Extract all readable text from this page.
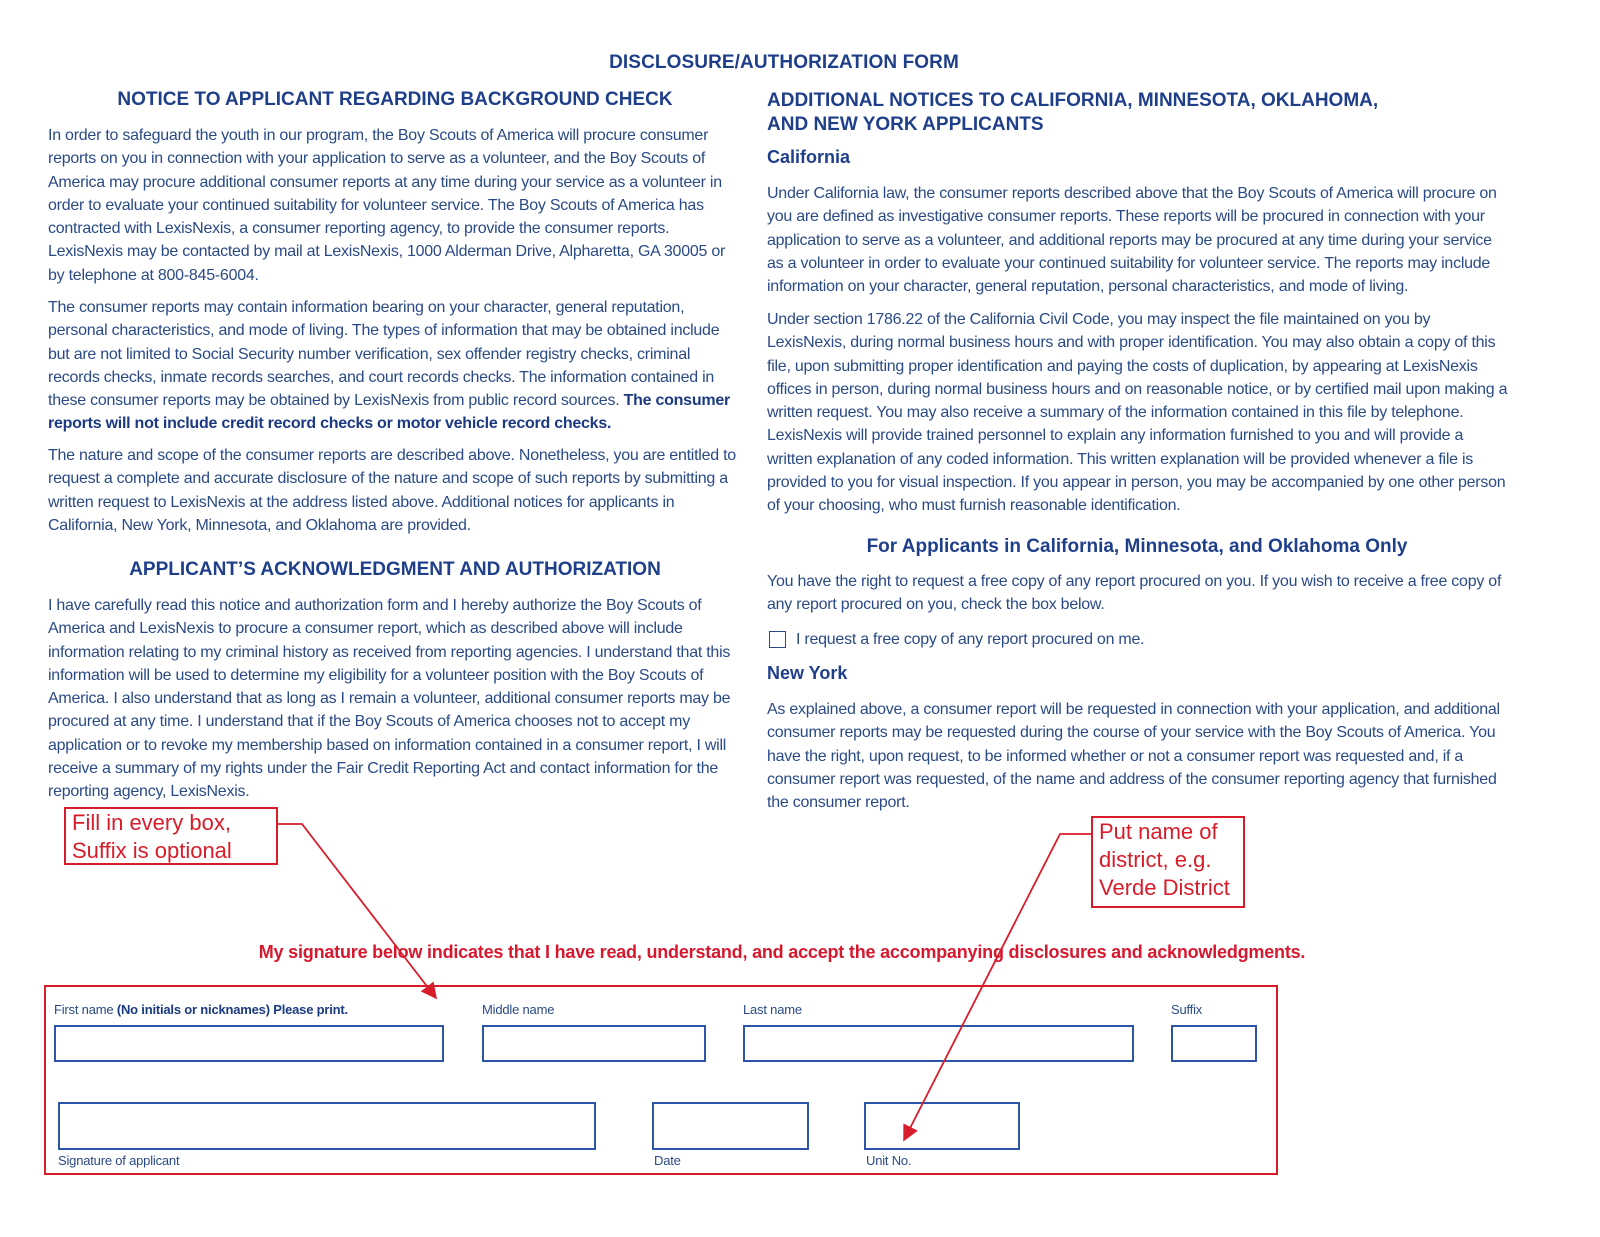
DISCLOSURE/AUTHORIZATION FORM
NOTICE TO APPLICANT REGARDING BACKGROUND CHECK

In order to safeguard the youth in our program, the Boy Scouts of America will procure consumer reports on you in connection with your application to serve as a volunteer, and the Boy Scouts of America may procure additional consumer reports at any time during your service as a volunteer in order to evaluate your continued suitability for volunteer service. The Boy Scouts of America has contracted with LexisNexis, a consumer reporting agency, to provide the consumer reports. LexisNexis may be contacted by mail at LexisNexis, 1000 Alderman Drive, Alpharetta, GA 30005 or by telephone at 800-845-6004.

The consumer reports may contain information bearing on your character, general reputation, personal characteristics, and mode of living. The types of information that may be obtained include but are not limited to Social Security number verification, sex offender registry checks, criminal records checks, inmate records searches, and court records checks. The information contained in these consumer reports may be obtained by LexisNexis from public record sources. The consumer reports will not include credit record checks or motor vehicle record checks.

The nature and scope of the consumer reports are described above. Nonetheless, you are entitled to request a complete and accurate disclosure of the nature and scope of such reports by submitting a written request to LexisNexis at the address listed above. Additional notices for applicants in California, New York, Minnesota, and Oklahoma are provided.

APPLICANT’S ACKNOWLEDGMENT AND AUTHORIZATION

I have carefully read this notice and authorization form and I hereby authorize the Boy Scouts of America and LexisNexis to procure a consumer report, which as described above will include information relating to my criminal history as received from reporting agencies. I understand that this information will be used to determine my eligibility for a volunteer position with the Boy Scouts of America. I also understand that as long as I remain a volunteer, additional consumer reports may be procured at any time. I understand that if the Boy Scouts of America chooses not to accept my application or to revoke my membership based on information contained in a consumer report, I will receive a summary of my rights under the Fair Credit Reporting Act and contact information for the reporting agency, LexisNexis.

ADDITIONAL NOTICES TO CALIFORNIA, MINNESOTA, OKLAHOMA,
AND NEW YORK APPLICANTS
California

Under California law, the consumer reports described above that the Boy Scouts of America will procure on you are defined as investigative consumer reports. These reports will be procured in connection with your application to serve as a volunteer, and additional reports may be procured at any time during your service as a volunteer in order to evaluate your continued suitability for volunteer service. The reports may include information on your character, general reputation, personal characteristics, and mode of living.

Under section 1786.22 of the California Civil Code, you may inspect the file maintained on you by LexisNexis, during normal business hours and with proper identification. You may also obtain a copy of this file, upon submitting proper identification and paying the costs of duplication, by appearing at LexisNexis offices in person, during normal business hours and on reasonable notice, or by certified mail upon making a written request. You may also receive a summary of the information contained in this file by telephone. LexisNexis will provide trained personnel to explain any information furnished to you and will provide a written explanation of any coded information. This written explanation will be provided whenever a file is provided to you for visual inspection. If you appear in person, you may be accompanied by one other person of your choosing, who must furnish reasonable identification.

For Applicants in California, Minnesota, and Oklahoma Only

You have the right to request a free copy of any report procured on you. If you wish to receive a free copy of any report procured on you, check the box below.

I request a free copy of any report procured on me.
New York

As explained above, a consumer report will be requested in connection with your application, and additional consumer reports may be requested during the course of your service with the Boy Scouts of America. You have the right, upon request, to be informed whether or not a consumer report was requested and, if a consumer report was requested, of the name and address of the consumer reporting agency that furnished the consumer report.

Fill in every box,
Suffix is optional
Put name of
district, e.g.
Verde District
My signature below indicates that I have read, understand, and accept the accompanying disclosures and acknowledgments.
First name (No initials or nicknames) Please print.	Middle name	Last name	Suffix
Signature of applicant	Date	Unit No.
